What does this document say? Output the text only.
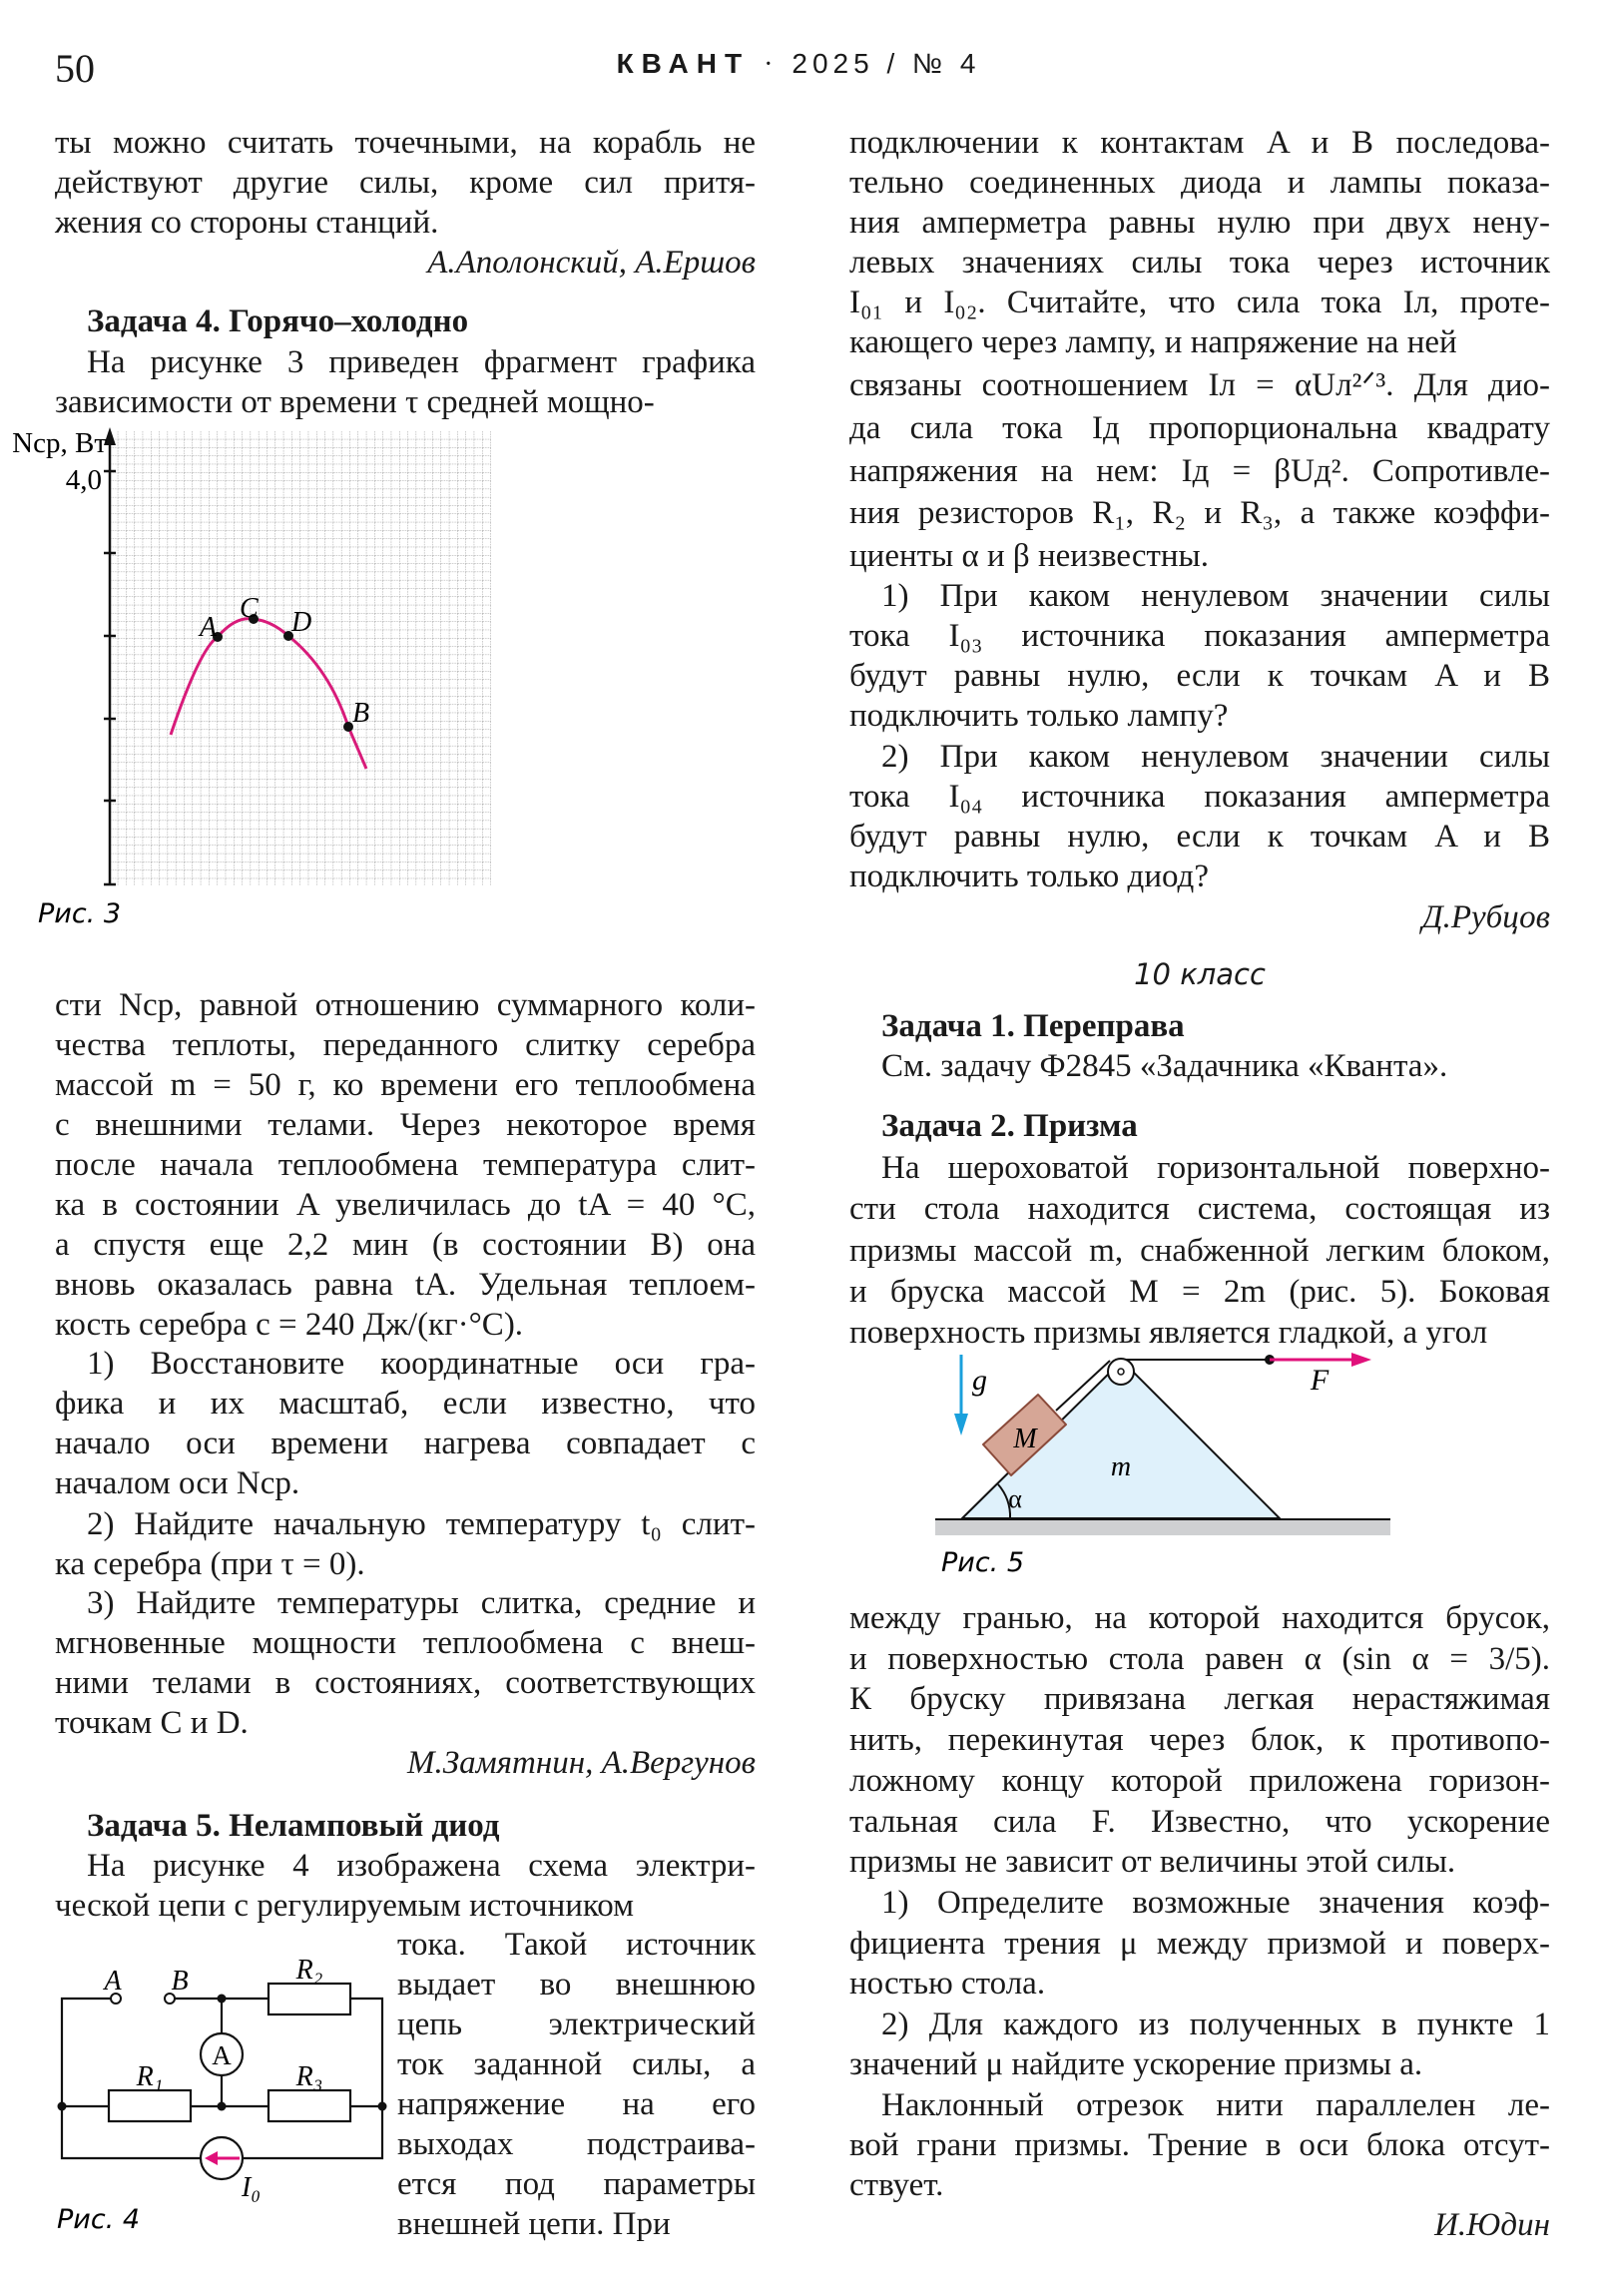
50	КВАНТ · 2025 / № 4
ты можно считать точечными, на корабль не
действуют другие силы, кроме сил притя-
жения со стороны станций.
А.Аполонский, А.Ершов
Задача 4. Горячо–холодно
На рисунке 3 приведен фрагмент графика
зависимости от времени τ средней мощно-
сти Nср, равной отношению суммарного коли-
чества теплоты, переданного слитку серебра
массой m = 50 г, ко времени его теплообмена
с внешними телами. Через некоторое время
после начала теплообмена температура слит-
ка в состоянии A увеличилась до tA = 40 °C,
а спустя еще 2,2 мин (в состоянии B) она
вновь оказалась равна tA. Удельная теплоем-
кость серебра c = 240 Дж/(кг·°C).
1) Восстановите координатные оси гра-
фика и их масштаб, если известно, что
начало оси времени нагрева совпадает с
началом оси Nср.
2) Найдите начальную температуру t₀ слит-
ка серебра (при τ = 0).
3) Найдите температуры слитка, средние и
мгновенные мощности теплообмена с внеш-
ними телами в состояниях, соответствующих
точкам C и D.
М.Замятнин, А.Вергунов
Задача 5. Неламповый диод
На рисунке 4 изображена схема электри-
ческой цепи с регулируемым источником
тока. Такой источник
выдает во внешнюю
цепь электрический
ток заданной силы, а
напряжение на его
выходах подстраива-
ется под параметры
внешней цепи. При
подключении к контактам A и B последова-
тельно соединенных диода и лампы показа-
ния амперметра равны нулю при двух нену-
левых значениях силы тока через источник
I₀₁ и I₀₂. Считайте, что сила тока Iл, проте-
кающего через лампу, и напряжение на ней
связаны соотношением Iл = αUл²ᐟ³. Для дио-
да сила тока Iд пропорциональна квадрату
напряжения на нем: Iд = βUд². Сопротивле-
ния резисторов R₁, R₂ и R₃, а также коэффи-
циенты α и β неизвестны.
1) При каком ненулевом значении силы
тока I₀₃ источника показания амперметра
будут равны нулю, если к точкам A и B
подключить только лампу?
2) При каком ненулевом значении силы
тока I₀₄ источника показания амперметра
будут равны нулю, если к точкам A и B
подключить только диод?
Д.Рубцов
10 класс
Задача 1. Переправа
См. задачу Ф2845 «Задачника «Кванта».
Задача 2. Призма
На шероховатой горизонтальной поверхно-
сти стола находится система, состоящая из
призмы массой m, снабженной легким блоком,
и бруска массой M = 2m (рис. 5). Боковая
поверхность призмы является гладкой, а угол
между гранью, на которой находится брусок,
и поверхностью стола равен α (sin α = 3/5).
К бруску привязана легкая нерастяжимая
нить, перекинутая через блок, к противопо-
ложному концу которой приложена горизон-
тальная сила F. Известно, что ускорение
призмы не зависит от величины этой силы.
1) Определите возможные значения коэф-
фициента трения μ между призмой и поверх-
ностью стола.
2) Для каждого из полученных в пункте 1
значений μ найдите ускорение призмы a.
Наклонный отрезок нити параллелен ле-
вой грани призмы. Трение в оси блока отсут-
ствует.
И.Юдин
Nср, Вт
4,0
A
C D
B
Рис. 3
A
A B	R₂
R₁	R₃
I₀
Рис. 4
g
M
m
α
F
Рис. 5
